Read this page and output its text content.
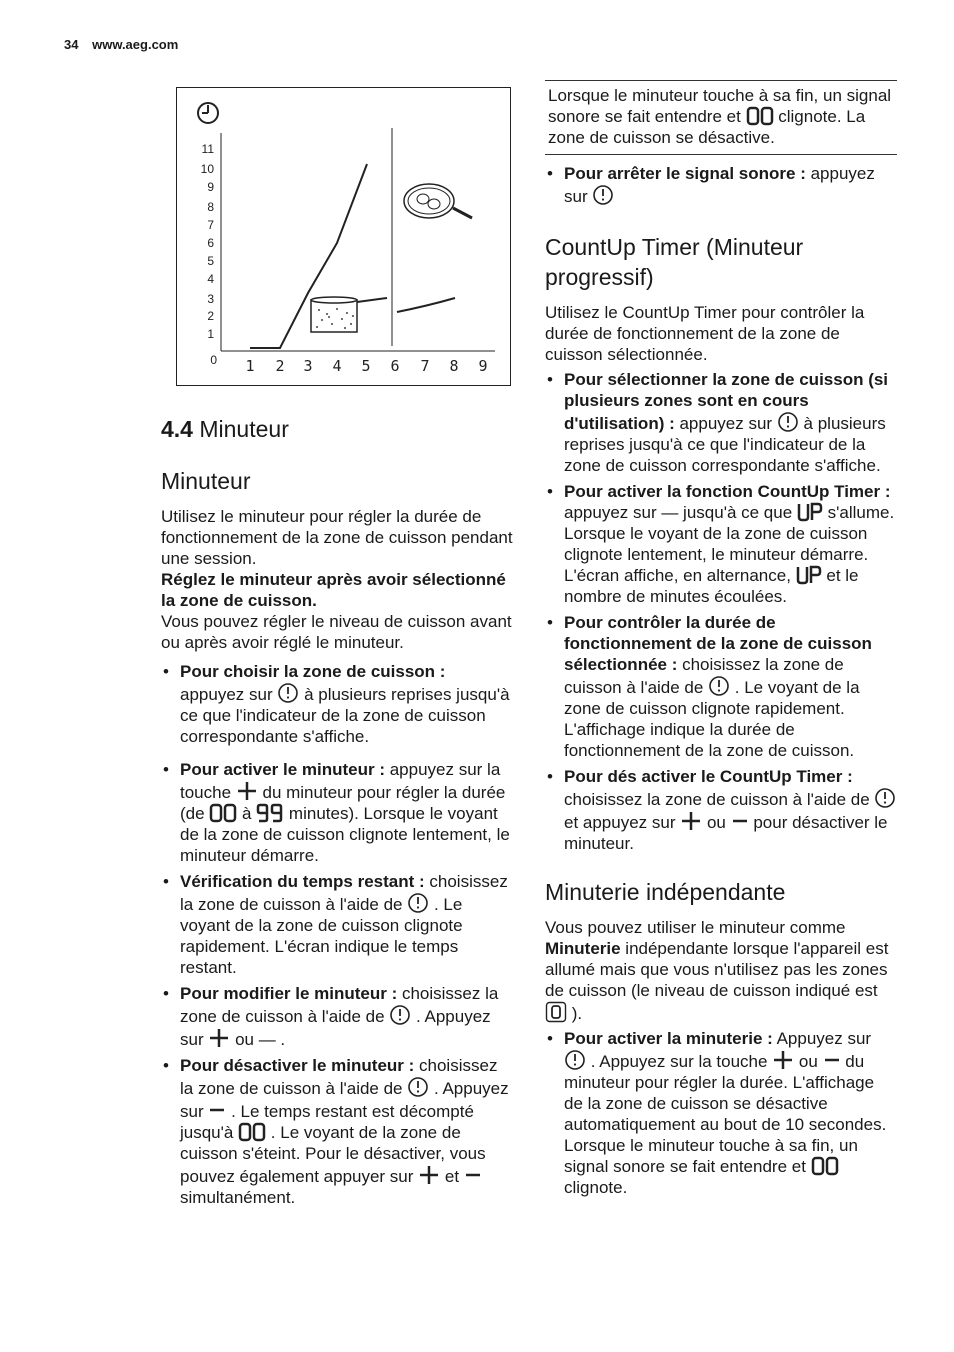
34 www.aeg.com
11
10
9
8
7
6
5
4
3
2
1
0 1 2 3 4 5 6 7 8 9
4.4 Minuteur
Minuteur

Utilisez le minuteur pour régler la durée de fonctionnement de la zone de cuisson pendant une session.

Réglez le minuteur après avoir sélectionné la zone de cuisson.

Vous pouvez régler le niveau de cuisson avant ou après avoir réglé le minuteur.

• Pour choisir la zone de cuisson : appuyez sur  à plusieurs reprises jusqu'à ce que l'indicateur de la zone de cuisson correspondante s'affiche.
• Pour activer le minuteur : appuyez sur la touche  du minuteur pour régler la durée (de  à  minutes). Lorsque le voyant de la zone de cuisson clignote lentement, le minuteur démarre.
• Vérification du temps restant : choisissez la zone de cuisson à l'aide de  . Le voyant de la zone de cuisson clignote rapidement. L'écran indique le temps restant.
• Pour modifier le minuteur : choisissez la zone de cuisson à l'aide de  . Appuyez sur  ou — .
• Pour désactiver le minuteur : choisissez la zone de cuisson à l'aide de  . Appuyez sur  . Le temps restant est décompté jusqu'à  . Le voyant de la zone de cuisson s'éteint. Pour le désactiver, vous pouvez également appuyer sur  et  simultanément.
Lorsque le minuteur touche à sa fin, un signal sonore se fait entendre et  clignote. La zone de cuisson se désactive.
• Pour arrêter le signal sonore : appuyez sur
CountUp Timer (Minuteur progressif)

Utilisez le CountUp Timer pour contrôler la durée de fonctionnement de la zone de cuisson sélectionnée.

• Pour sélectionner la zone de cuisson (si plusieurs zones sont en cours d'utilisation) : appuyez sur  à plusieurs reprises jusqu'à ce que l'indicateur de la zone de cuisson correspondante s'affiche.
• Pour activer la fonction CountUp Timer : appuyez sur — jusqu'à ce que  s'allume. Lorsque le voyant de la zone de cuisson clignote lentement, le minuteur démarre. L'écran affiche, en alternance,  et le nombre de minutes écoulées.
• Pour contrôler la durée de fonctionnement de la zone de cuisson sélectionnée : choisissez la zone de cuisson à l'aide de  . Le voyant de la zone de cuisson clignote rapidement. L'affichage indique la durée de fonctionnement de la zone de cuisson.
• Pour dés activer le CountUp Timer : choisissez la zone de cuisson à l'aide de  et appuyez sur  ou  pour désactiver le minuteur.
Minuterie indépendante

Vous pouvez utiliser le minuteur comme Minuterie indépendante lorsque l'appareil est allumé mais que vous n'utilisez pas les zones de cuisson (le niveau de cuisson indiqué est  ).

• Pour activer la minuterie : Appuyez sur  . Appuyez sur la touche  ou  du minuteur pour régler la durée. L'affichage de la zone de cuisson se désactive automatiquement au bout de 10 secondes. Lorsque le minuteur touche à sa fin, un signal sonore se fait entendre et  clignote.
